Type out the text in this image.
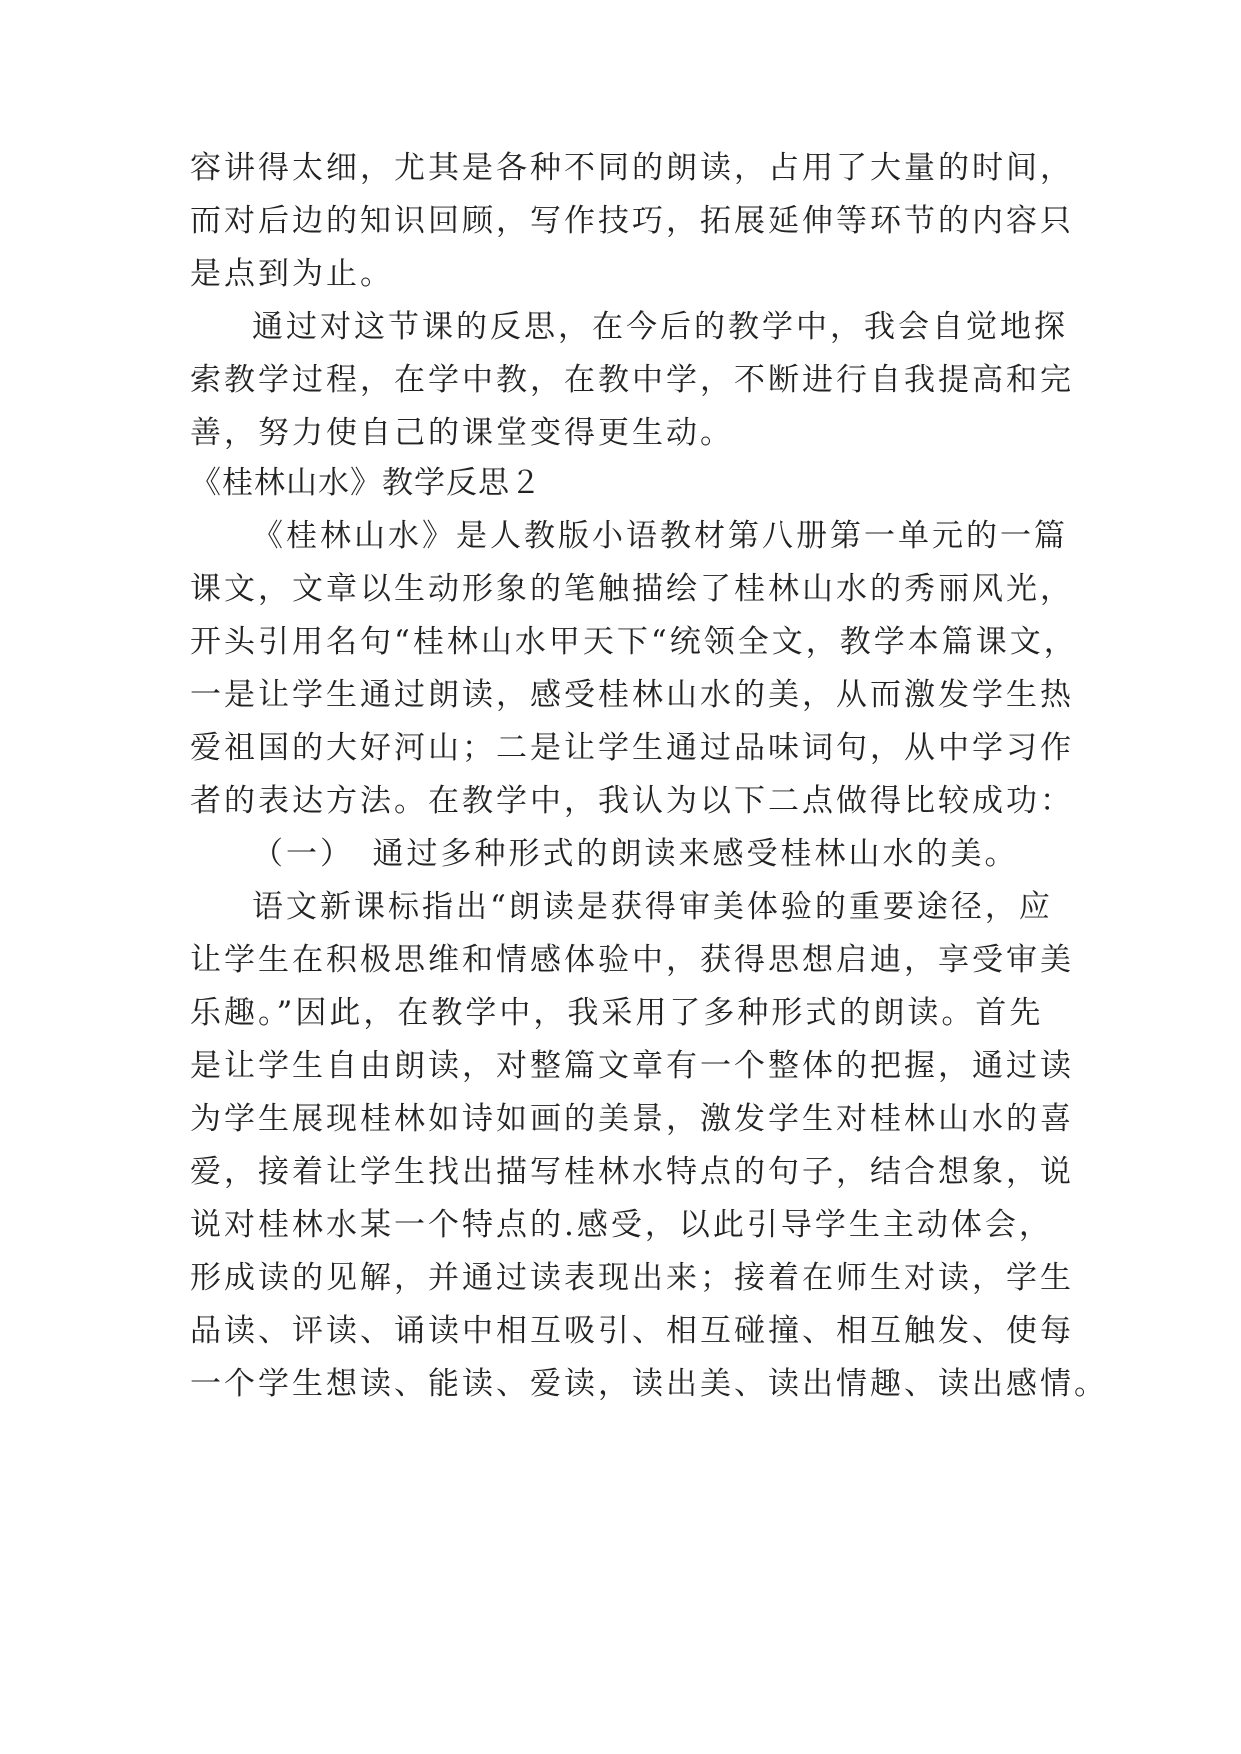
容讲得太细，尤其是各种不同的朗读，占用了大量的时间，
而对后边的知识回顾，写作技巧，拓展延伸等环节的内容只
是点到为止。
通过对这节课的反思，在今后的教学中，我会自觉地探
索教学过程，在学中教，在教中学，不断进行自我提高和完
善，努力使自己的课堂变得更生动。
《桂林山水》教学反思２
《桂林山水》是人教版小语教材第八册第一单元的一篇
课文，文章以生动形象的笔触描绘了桂林山水的秀丽风光，
开头引用名句“桂林山水甲天下“统领全文，教学本篇课文，
一是让学生通过朗读，感受桂林山水的美，从而激发学生热
爱祖国的大好河山；二是让学生通过品味词句，从中学习作
者的表达方法。在教学中，我认为以下二点做得比较成功：
（一）　通过多种形式的朗读来感受桂林山水的美。
语文新课标指出“朗读是获得审美体验的重要途径，应
让学生在积极思维和情感体验中，获得思想启迪，享受审美
乐趣。”因此，在教学中，我采用了多种形式的朗读。首先
是让学生自由朗读，对整篇文章有一个整体的把握，通过读
为学生展现桂林如诗如画的美景，激发学生对桂林山水的喜
爱，接着让学生找出描写桂林水特点的句子，结合想象，说
说对桂林水某一个特点的.感受，以此引导学生主动体会，
形成读的见解，并通过读表现出来；接着在师生对读，学生
品读、评读、诵读中相互吸引、相互碰撞、相互触发、使每
一个学生想读、能读、爱读，读出美、读出情趣、读出感情。
